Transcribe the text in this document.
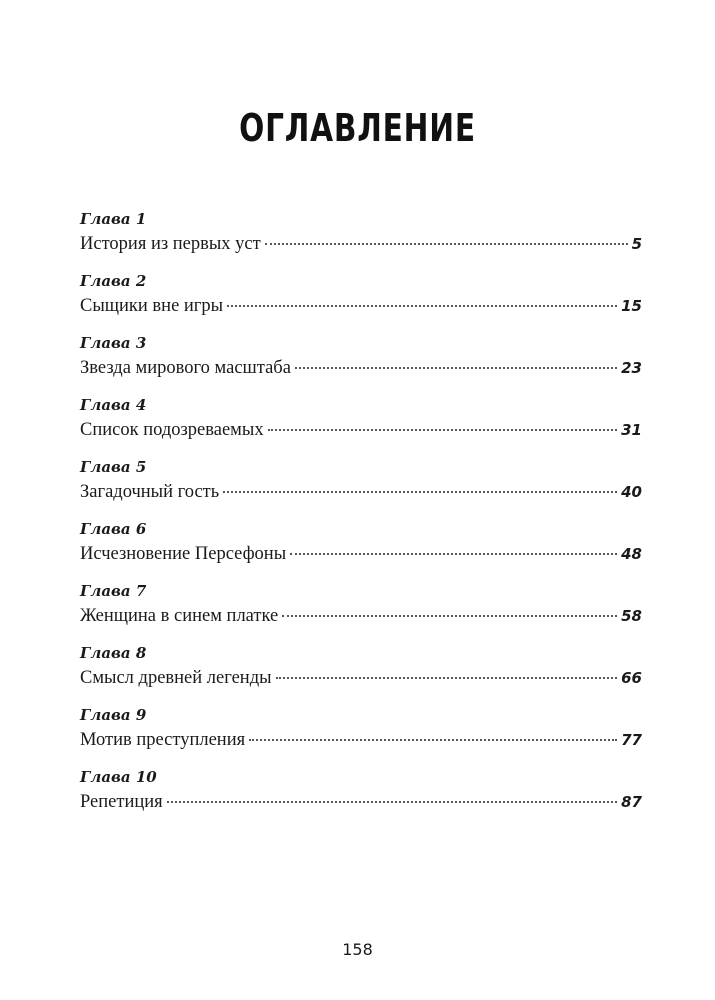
ОГЛАВЛЕНИЕ
Глава 1
История из первых уст	5
Глава 2
Сыщики вне игры	15
Глава 3
Звезда мирового масштаба	23
Глава 4
Список подозреваемых	31
Глава 5
Загадочный гость	40
Глава 6
Исчезновение Персефоны	48
Глава 7
Женщина в синем платке	58
Глава 8
Смысл древней легенды	66
Глава 9
Мотив преступления	77
Глава 10
Репетиция	87
158
